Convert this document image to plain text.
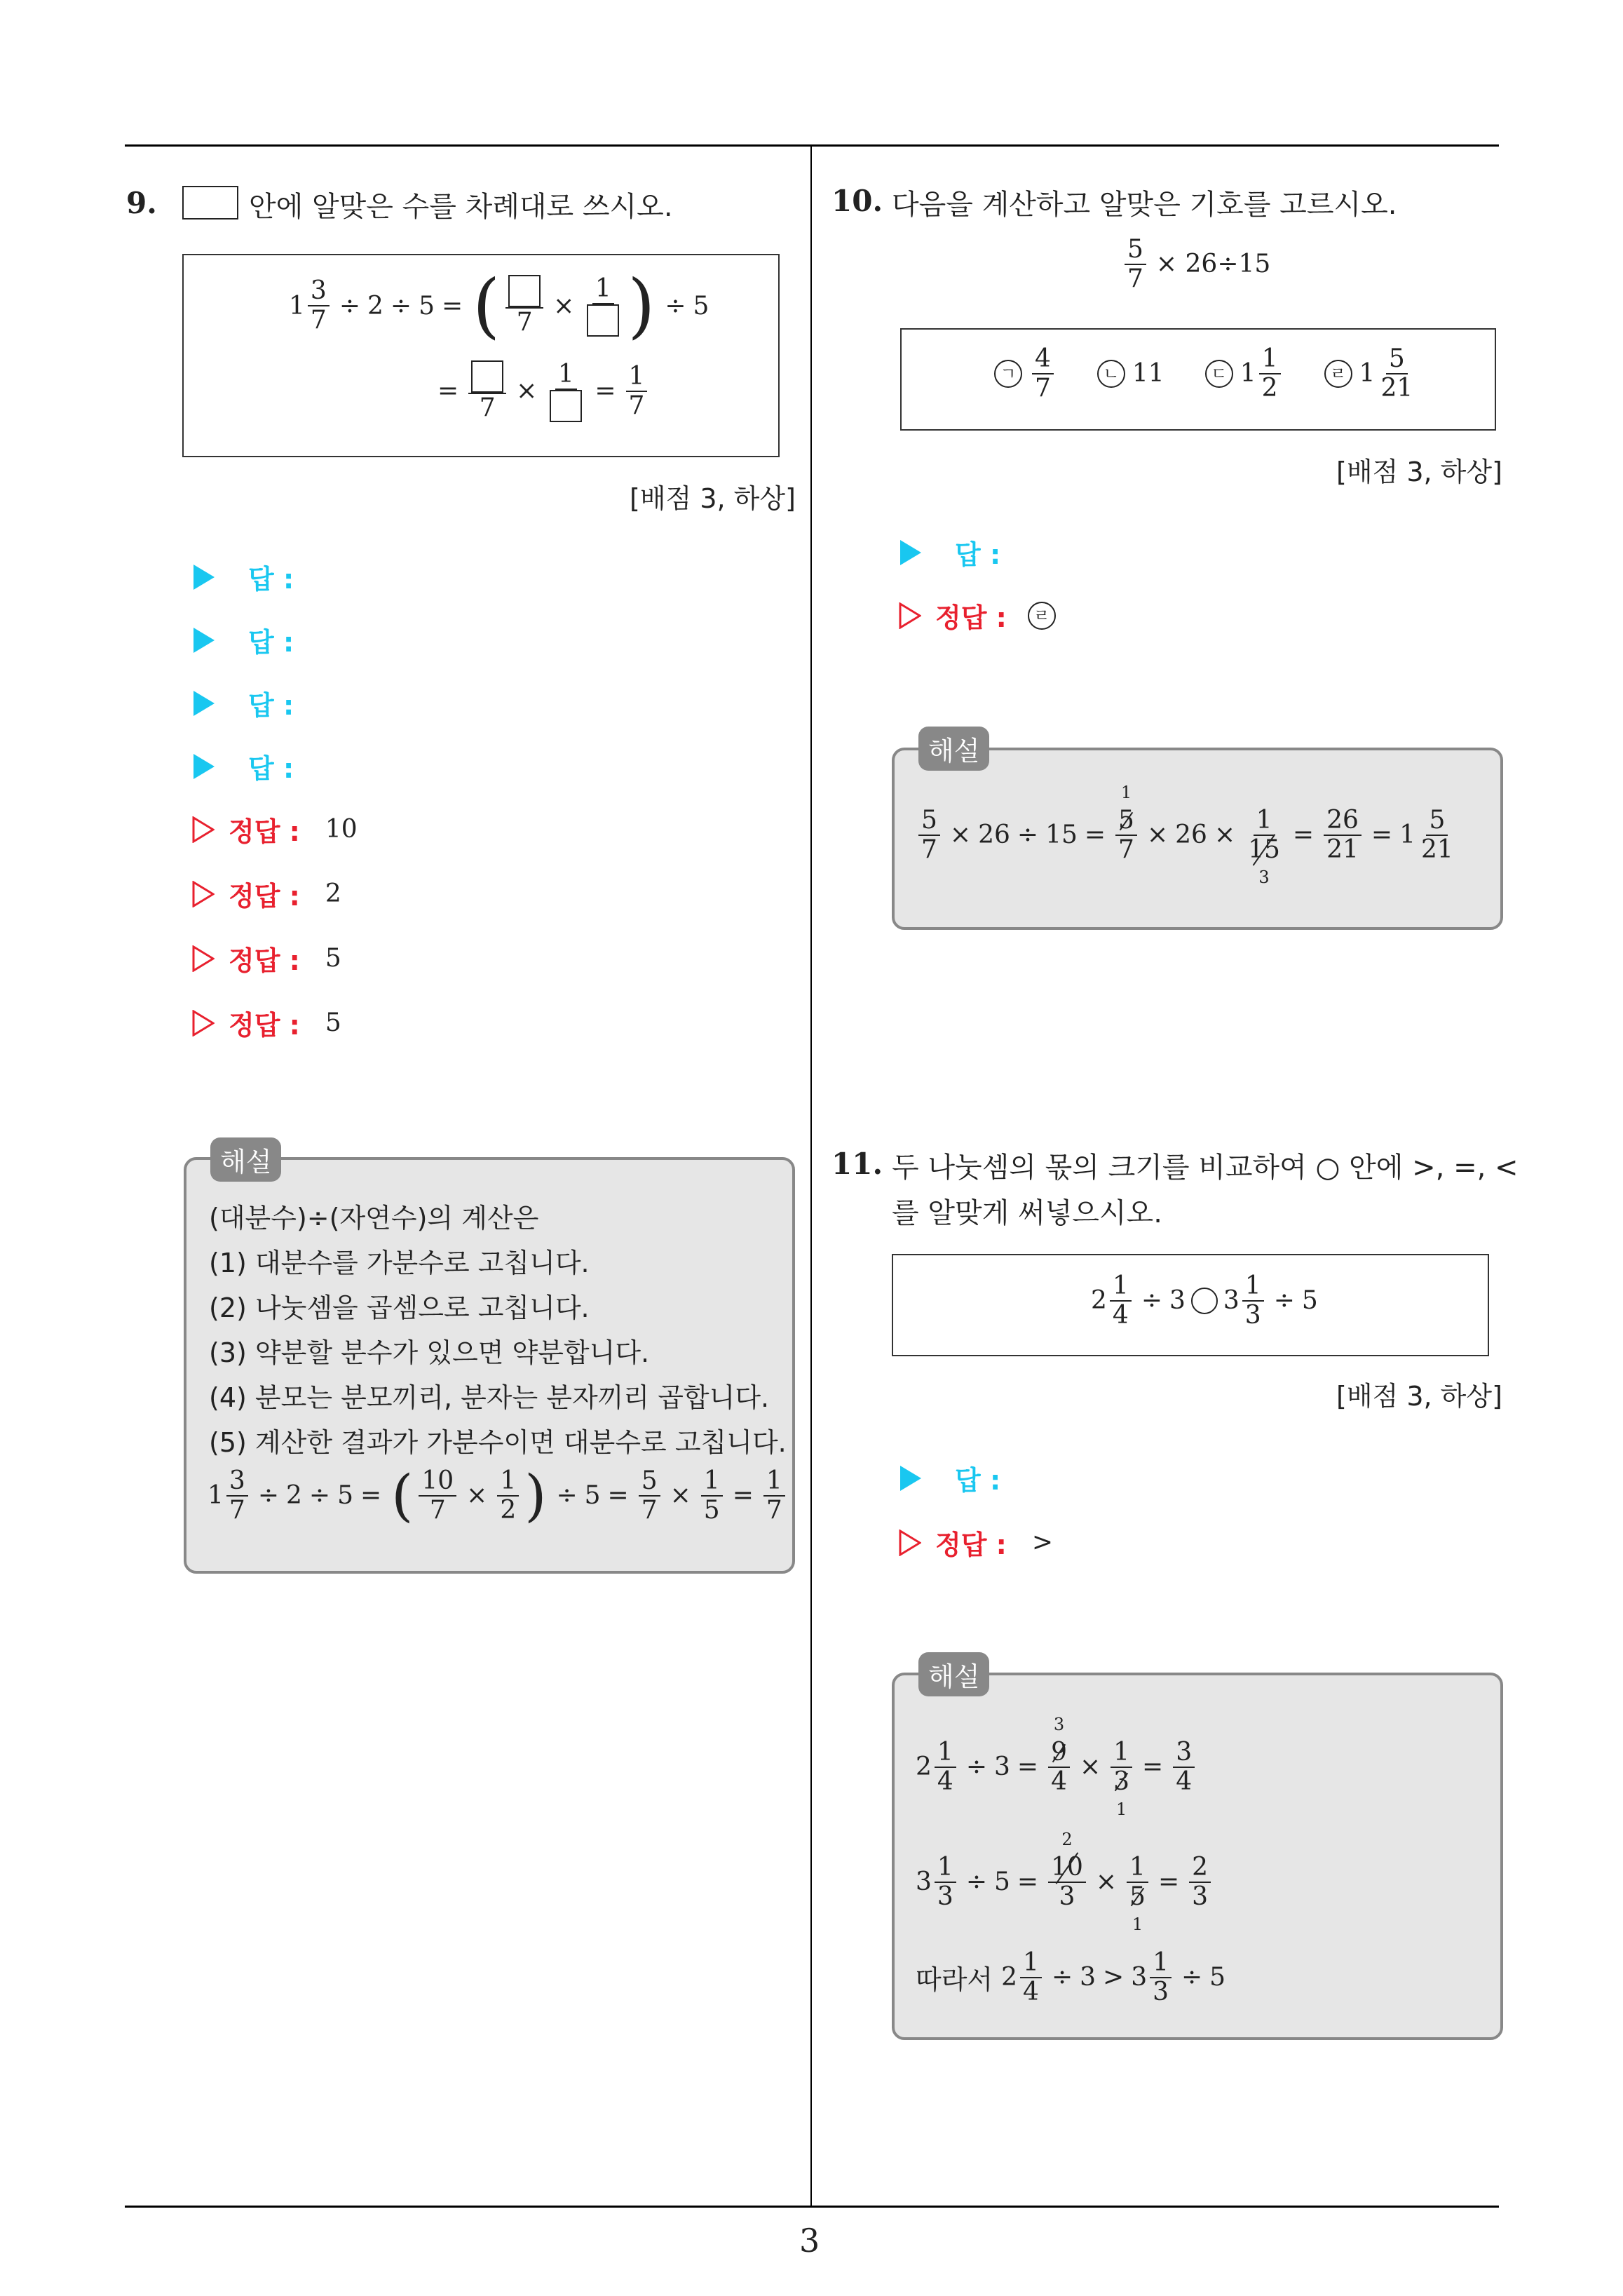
3
9.	안에 알맞은 수를 차례대로 쓰시오.
$1 \frac{3}{7} \div 2 \div 5$ = ( 7
×
1 ) ÷ 5
=
7
×
1
= $\frac{1}{7}$
[배점 3, 하상]
답 :
답 :
답 :
답 :
정답 : 10
정답 : 2
정답 : 5
정답 : 5
(대분수)÷(자연수)의 계산은
(1) 대분수를 가분수로 고칩니다.
(2) 나눗셈을 곱셈으로 고칩니다.
(3) 약분할 분수가 있으면 약분합니다.
(4) 분모는 분모끼리, 분자는 분자끼리 곱합니다.
(5) 계산한 결과가 가분수이면 대분수로 고칩니다.
$1 \frac{3}{7} \div 2 \div 5$ = ( $\frac{10}{7} \times \frac{1}{2}$ ) ÷ $5 = \frac{5}{7} \times \frac{1}{5} = \frac{1}{7}$
해설
10. 다음을 계산하고 알맞은 기호를 고르시오.
$\frac{5}{7} \times 26\div 15$
ㄱ $\frac{4}{7}$	ㄴ 11	ㄷ $1 \frac{1}{2}$	ㄹ $1 \frac{5}{21}$
[배점 3, 하상]
답 :
정답 :	ㄹ
$\frac{5}{7} \times 26 \div 15$ =
1
5
7 × 26 ×
1
15
3
= $\frac{26}{21} = 1 \frac{5}{21}$
해설
11. 두 나눗셈의 몫의 크기를 비교하여 ○ 안에 >, =, <
를 알맞게 써넣으시오.
$2 \frac{1}{4} \div 3$ $3 \frac{1}{3} \div 5$
[배점 3, 하상]
답 :
정답 : >
$2 \frac{1}{4} \div 3$ =
3
9
4 ×
1
3
1
= $\frac{3}{4}$
$3 \frac{1}{3} \div 5$ =
2
10
3 ×
1
5
1
= $\frac{2}{3}$
따라서 $2 \frac{1}{4} \div 3 > 3 \frac{1}{3} \div 5$
해설
